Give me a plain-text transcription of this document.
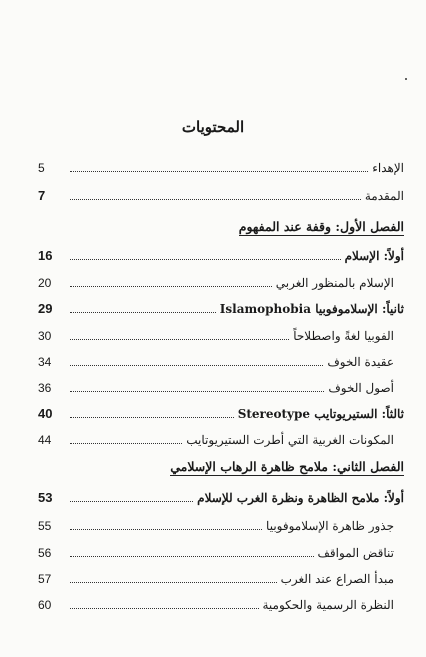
المحتويات
5	الإهداء
7	المقدمة
الفصل الأول: وقفة عند المفهوم
16	أولاً: الإسلام
20	الإسلام بالمنظور الغربي
29	ثانياً: الإسلاموفوبيا Islamophobia
30	الفوبيا لغةً واصطلاحاً
34	عقيدة الخوف
36	أصول الخوف
40	ثالثاً: الستيريوتايب Stereotype
44	المكونات الغربية التي أطرت الستيريوتايب
الفصل الثاني: ملامح ظاهرة الرهاب الإسلامي
53	أولاً: ملامح الظاهرة ونظرة الغرب للإسلام
55	جذور ظاهرة الإسلاموفوبيا
56	تناقض المواقف
57	مبدأ الصراع عند الغرب
60	النظرة الرسمية والحكومية
